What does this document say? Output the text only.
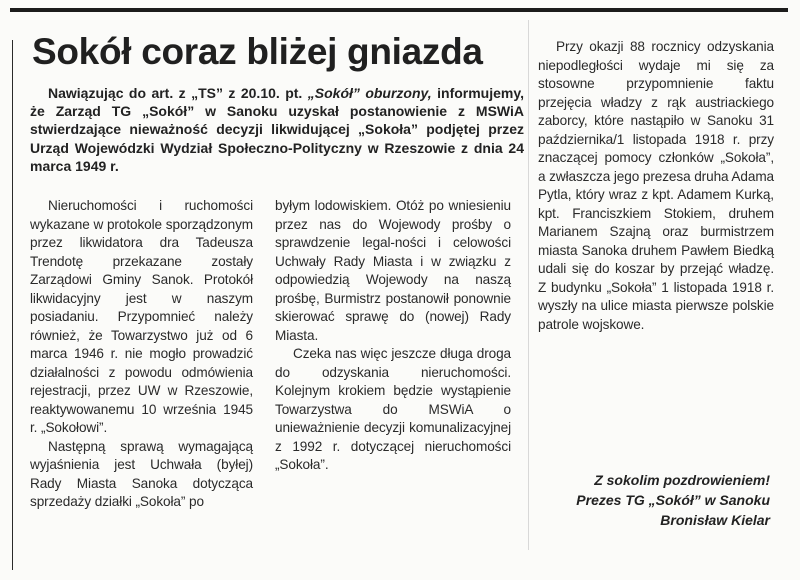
Sokół coraz bliżej gniazda

Nawiązując do art. z „TS” z 20.10. pt. „Sokół” oburzony, informujemy, że Zarząd TG „Sokół” w Sanoku uzyskał postanowienie z MSWiA stwierdzające nieważność decyzji likwidującej „Sokoła” podjętej przez Urząd Wojewódzki Wydział Społeczno-Polityczny w Rzeszowie z dnia 24 marca 1949 r.

Nieruchomości i ruchomości wykazane w protokole sporządzonym przez likwidatora dra Tadeusza Trendotę przekazane zostały Zarządowi Gminy Sanok. Protokół likwidacyjny jest w naszym posiadaniu. Przypomnieć należy również, że Towarzystwo już od 6 marca 1946 r. nie mogło prowadzić działalności z powodu odmówienia rejestracji, przez UW w Rzeszowie, reaktywowanemu 10 września 1945 r. „Sokołowi”.

Następną sprawą wymagającą wyjaśnienia jest Uchwała (byłej) Rady Miasta Sanoka dotycząca sprzedaży działki „Sokoła” po

byłym lodowiskiem. Otóż po wniesieniu przez nas do Wojewody prośby o sprawdzenie legal-ności i celowości Uchwały Rady Miasta i w związku z odpowiedzią Wojewody na naszą prośbę, Burmistrz postanowił ponownie skierować sprawę do (nowej) Rady Miasta.

Czeka nas więc jeszcze długa droga do odzyskania nieruchomości. Kolejnym krokiem będzie wystąpienie Towarzystwa do MSWiA o unieważnienie decyzji komunalizacyjnej z 1992 r. dotyczącej nieruchomości „Sokoła”.

Przy okazji 88 rocznicy odzyskania niepodległości wydaje mi się za stosowne przypomnienie faktu przejęcia władzy z rąk austriackiego zaborcy, które nastąpiło w Sanoku 31 października/1 listopada 1918 r. przy znaczącej pomocy członków „Sokoła”, a zwłaszcza jego prezesa druha Adama Pytla, który wraz z kpt. Adamem Kurką, kpt. Franciszkiem Stokiem, druhem Marianem Szajną oraz burmistrzem miasta Sanoka druhem Pawłem Biedką udali się do koszar by przejąć władzę. Z budynku „Sokoła” 1 listopada 1918 r. wyszły na ulice miasta pierwsze polskie patrole wojskowe.

Z sokolim pozdrowieniem!
Prezes TG „Sokół” w Sanoku
Bronisław Kielar
